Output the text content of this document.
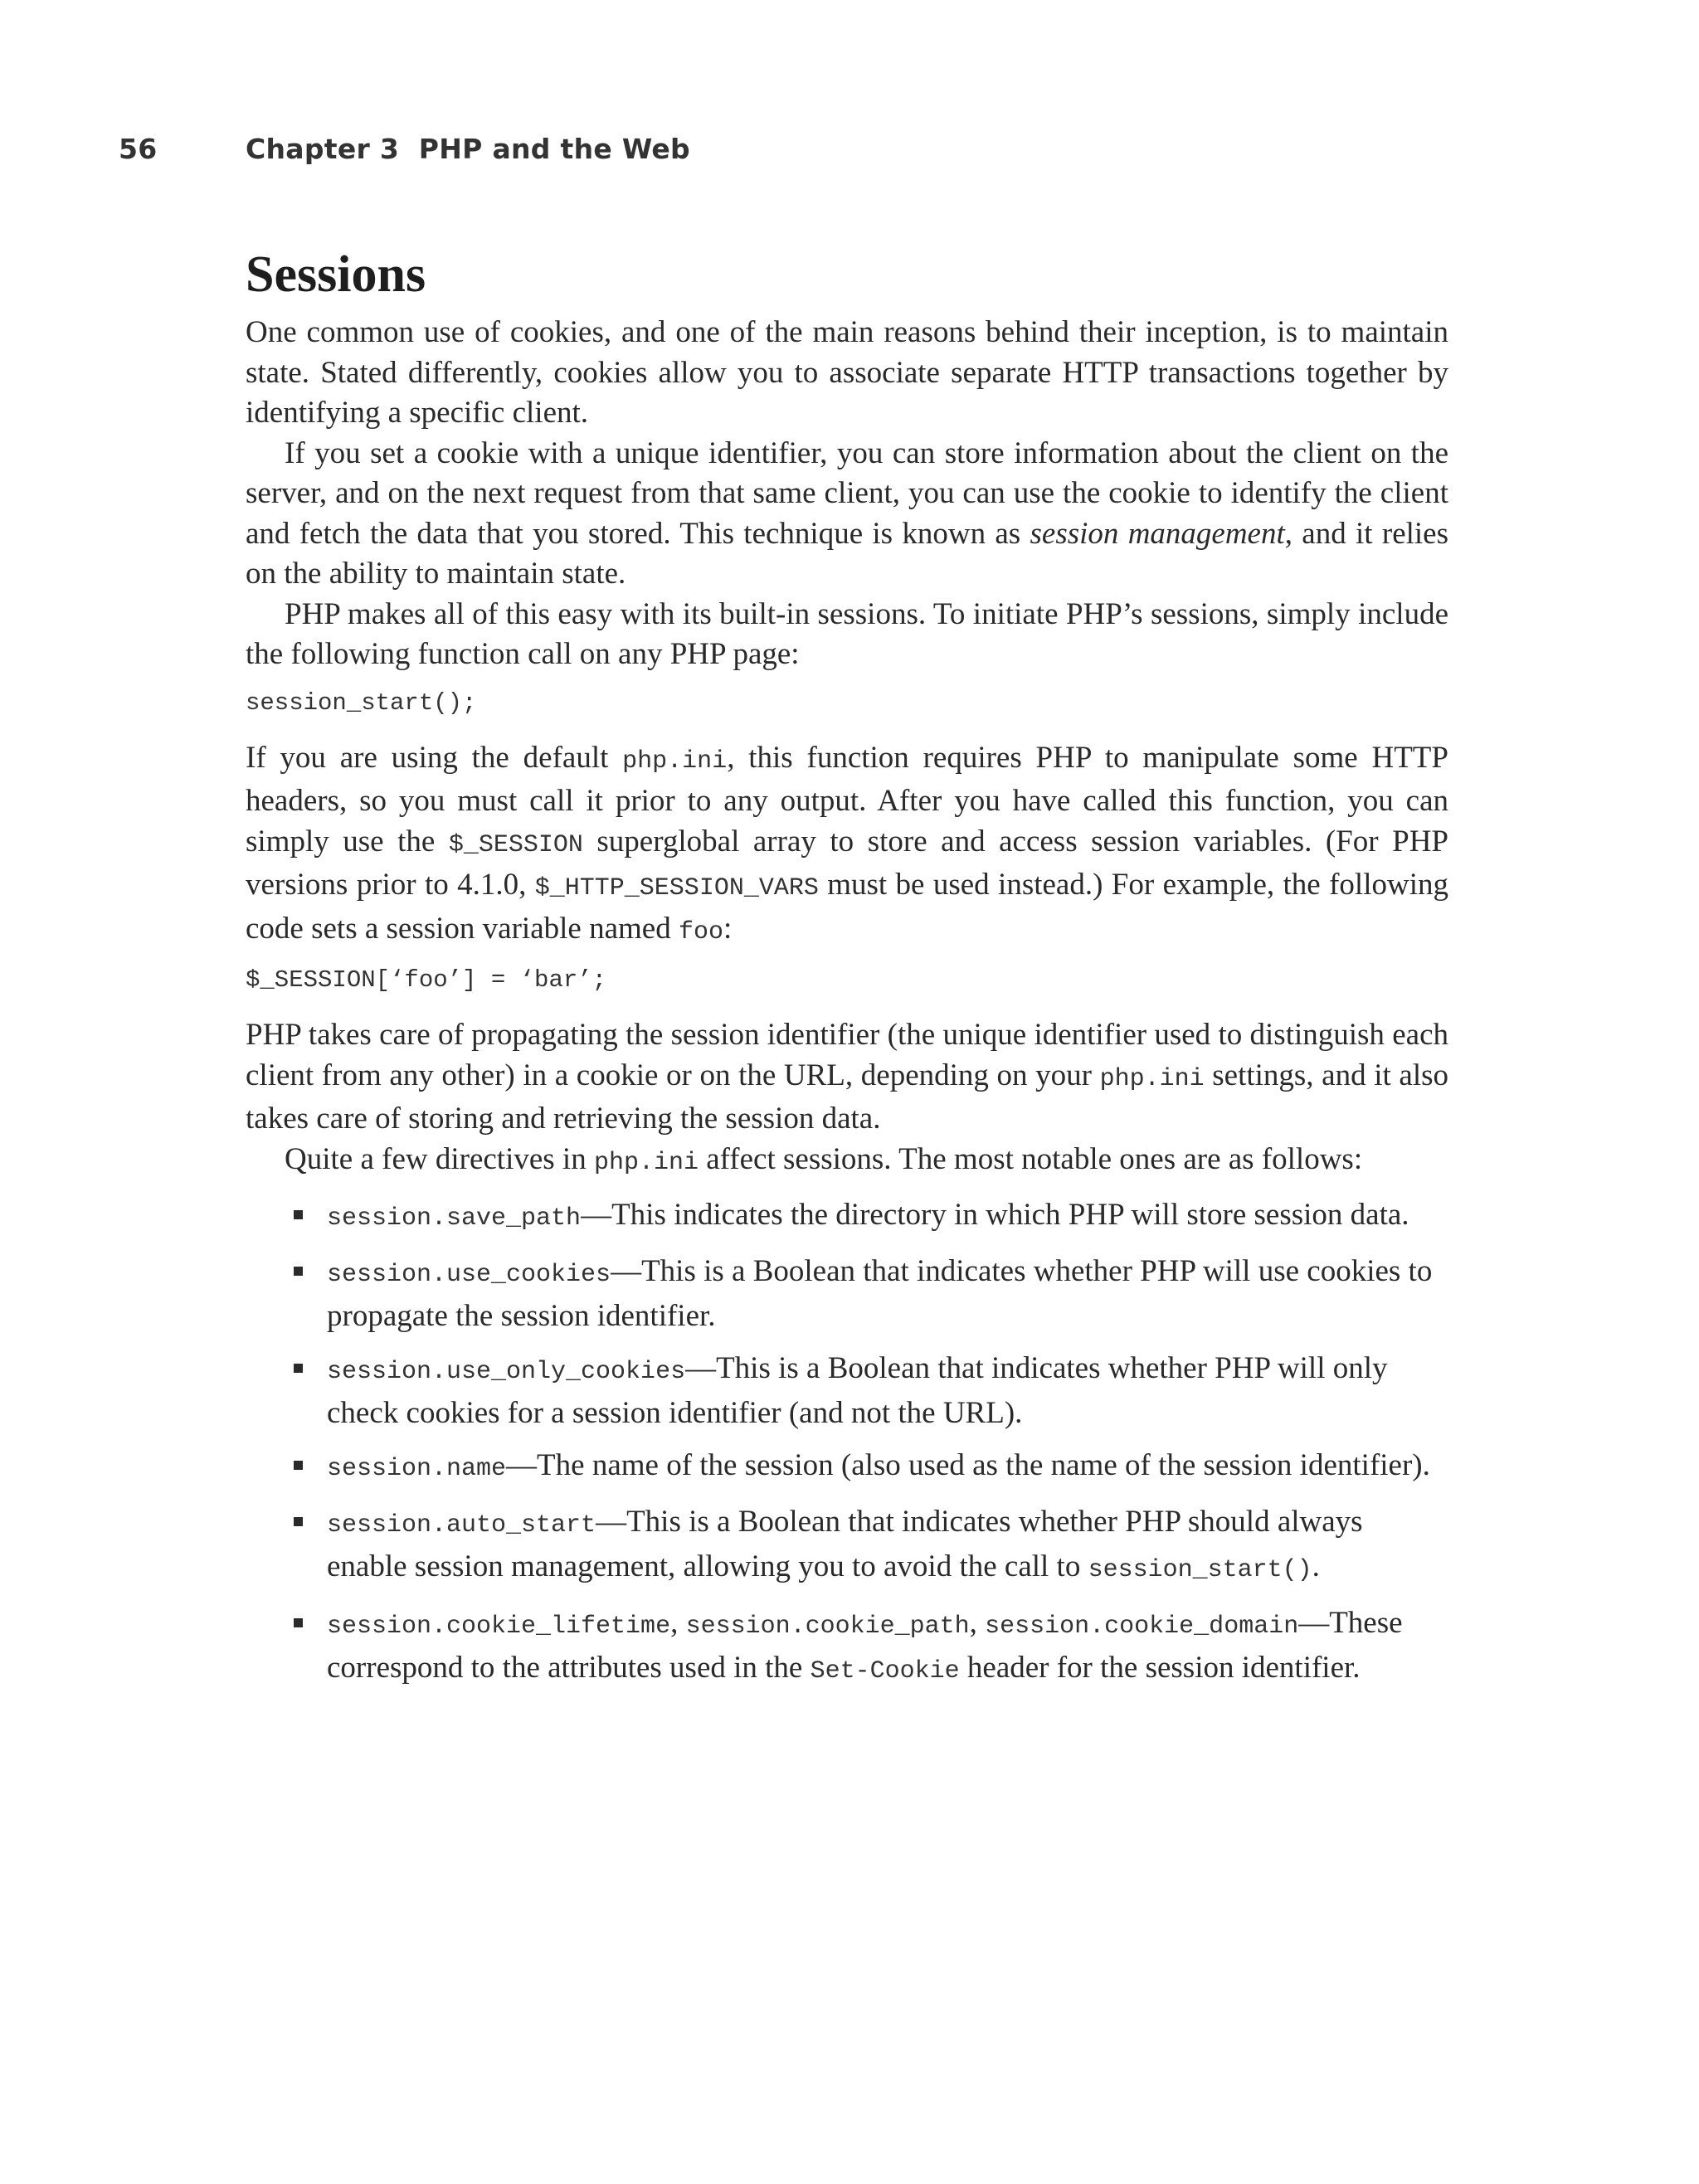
56	Chapter 3  PHP and the Web
Sessions

One common use of cookies, and one of the main reasons behind their inception, is to maintain state. Stated differently, cookies allow you to associate separate HTTP transactions together by identifying a specific client.

If you set a cookie with a unique identifier, you can store information about the client on the server, and on the next request from that same client, you can use the cookie to identify the client and fetch the data that you stored. This technique is known as session management, and it relies on the ability to maintain state.

PHP makes all of this easy with its built-in sessions. To initiate PHP’s sessions, simply include the following function call on any PHP page:

session_start();

If you are using the default php.ini, this function requires PHP to manipulate some HTTP headers, so you must call it prior to any output. After you have called this function, you can simply use the $_SESSION superglobal array to store and access session variables. (For PHP versions prior to 4.1.0, $_HTTP_SESSION_VARS must be used instead.) For example, the following code sets a session variable named foo:

$_SESSION[‘foo’] = ‘bar’;

PHP takes care of propagating the session identifier (the unique identifier used to distinguish each client from any other) in a cookie or on the URL, depending on your php.ini settings, and it also takes care of storing and retrieving the session data.

Quite a few directives in php.ini affect sessions. The most notable ones are as follows:

session.save_path—This indicates the directory in which PHP will store session data.
session.use_cookies—This is a Boolean that indicates whether PHP will use cookies to propagate the session identifier.
session.use_only_cookies—This is a Boolean that indicates whether PHP will only check cookies for a session identifier (and not the URL).
session.name—The name of the session (also used as the name of the session identifier).
session.auto_start—This is a Boolean that indicates whether PHP should always enable session management, allowing you to avoid the call to session_start().
session.cookie_lifetime, session.cookie_path, session.cookie_domain—These correspond to the attributes used in the Set-Cookie header for the session identifier.
